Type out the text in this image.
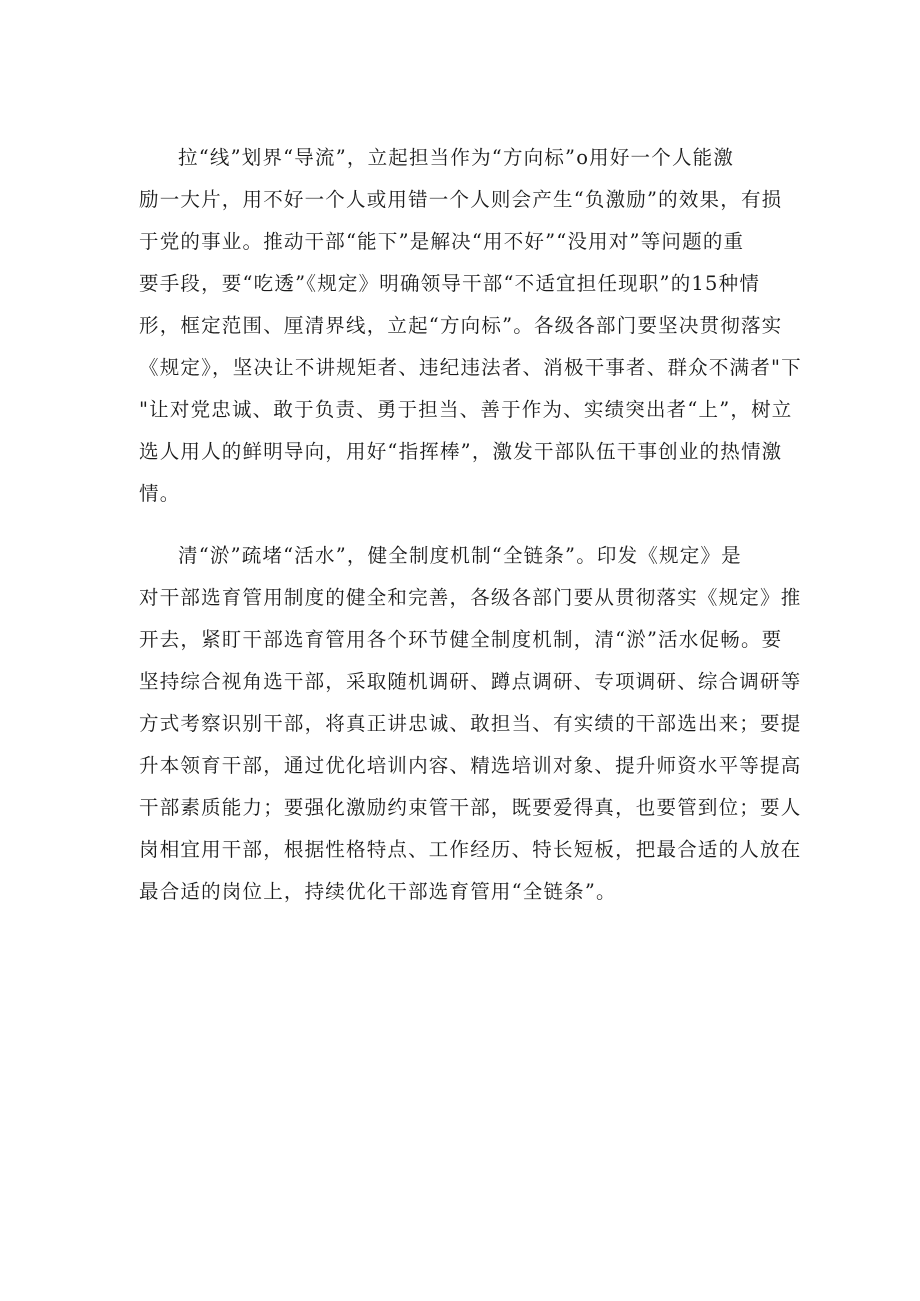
拉“线”划界“导流”，立起担当作为“方向标”o用好一个人能激
励一大片，用不好一个人或用错一个人则会产生“负激励”的效果，有损
于党的事业。推动干部“能下”是解决“用不好”“没用对”等问题的重
要手段，要“吃透”《规定》明确领导干部“不适宜担任现职”的15种情
形，框定范围、厘清界线，立起“方向标”。各级各部门要坚决贯彻落实
《规定》，坚决让不讲规矩者、违纪违法者、消极干事者、群众不满者"下
"让对党忠诚、敢于负责、勇于担当、善于作为、实绩突出者“上”，树立
选人用人的鲜明导向，用好“指挥棒”，激发干部队伍干事创业的热情激
情。

清“淤”疏堵“活水”，健全制度机制“全链条”。印发《规定》是
对干部选育管用制度的健全和完善，各级各部门要从贯彻落实《规定》推
开去，紧盯干部选育管用各个环节健全制度机制，清“淤”活水促畅。要
坚持综合视角选干部，采取随机调研、蹲点调研、专项调研、综合调研等
方式考察识别干部，将真正讲忠诚、敢担当、有实绩的干部选出来；要提
升本领育干部，通过优化培训内容、精选培训对象、提升师资水平等提高
干部素质能力；要强化激励约束管干部，既要爱得真，也要管到位；要人
岗相宜用干部，根据性格特点、工作经历、特长短板，把最合适的人放在
最合适的岗位上，持续优化干部选育管用“全链条”。
